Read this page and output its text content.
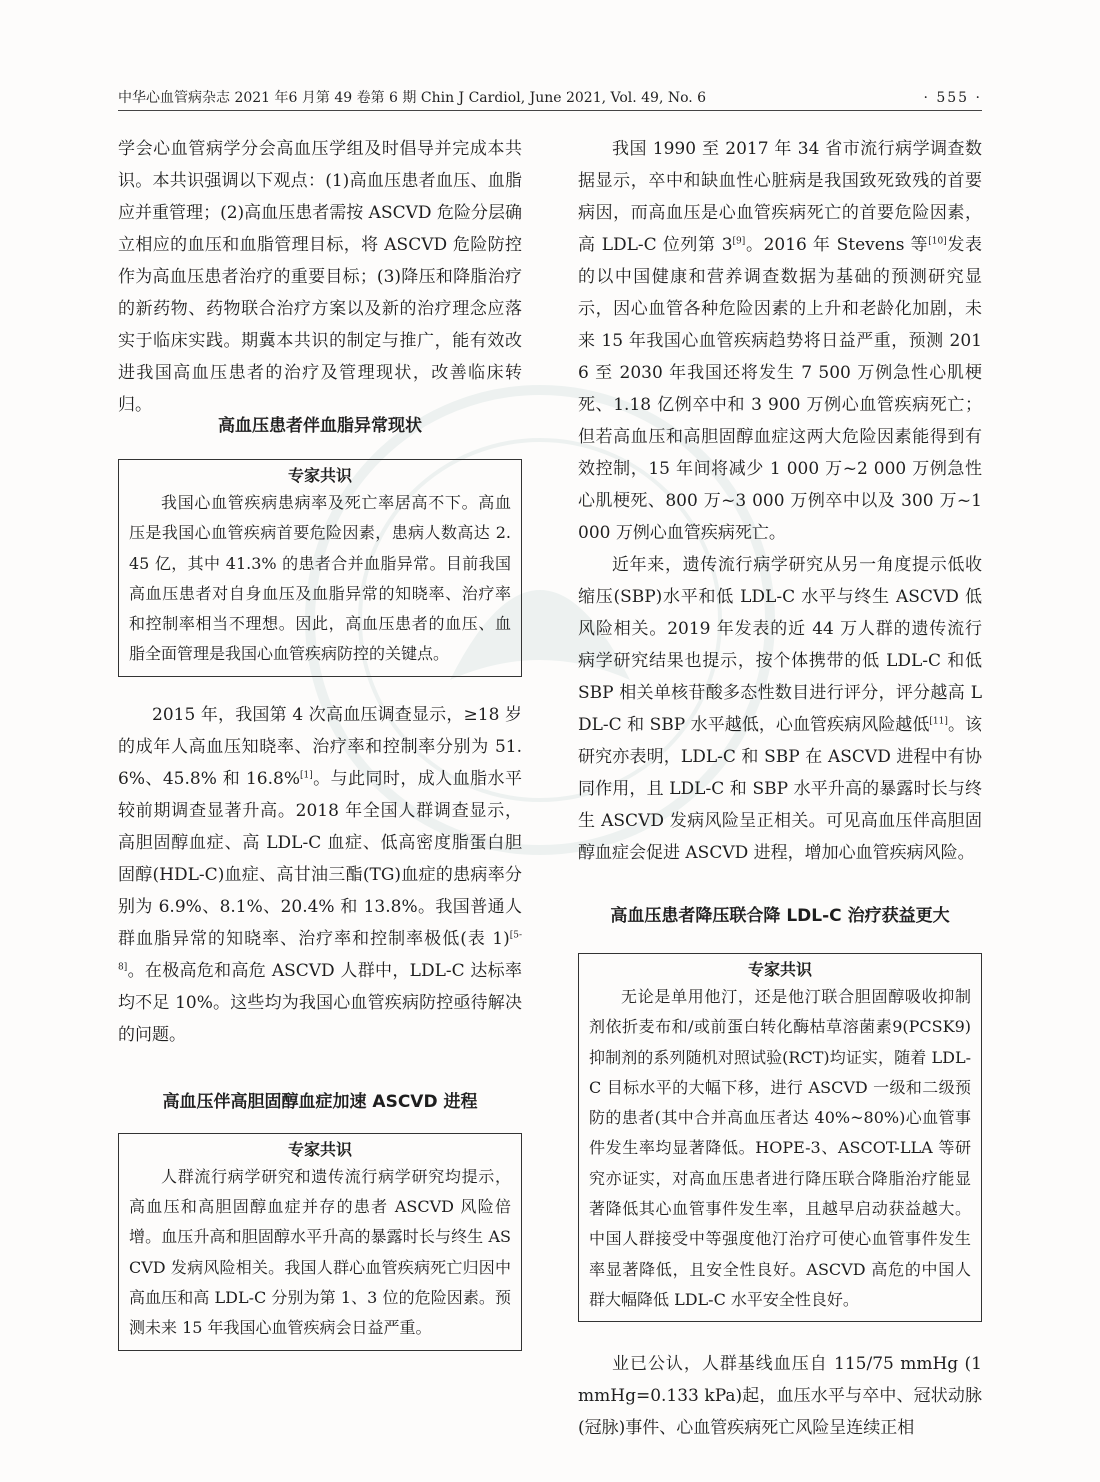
中华心血管病杂志 2021 年6 月第 49 卷第 6 期 Chin J Cardiol, June 2021, Vol. 49, No. 6	· 555 ·

学会心血管病学分会高血压学组及时倡导并完成本共识。本共识强调以下观点：(1)高血压患者血压、血脂应并重管理；(2)高血压患者需按 ASCVD 危险分层确立相应的血压和血脂管理目标，将 ASCVD 危险防控作为高血压患者治疗的重要目标；(3)降压和降脂治疗的新药物、药物联合治疗方案以及新的治疗理念应落实于临床实践。期冀本共识的制定与推广，能有效改进我国高血压患者的治疗及管理现状，改善临床转归。

高血压患者伴血脂异常现状
专家共识
我国心血管疾病患病率及死亡率居高不下。高血压是我国心血管疾病首要危险因素，患病人数高达 2.45 亿，其中 41.3% 的患者合并血脂异常。目前我国高血压患者对自身血压及血脂异常的知晓率、治疗率和控制率相当不理想。因此，高血压患者的血压、血脂全面管理是我国心血管疾病防控的关键点。

2015 年，我国第 4 次高血压调查显示，≥18 岁的成年人高血压知晓率、治疗率和控制率分别为 51.6%、45.8% 和 16.8%[1]。与此同时，成人血脂水平较前期调查显著升高。2018 年全国人群调查显示，高胆固醇血症、高 LDL-C 血症、低高密度脂蛋白胆固醇(HDL-C)血症、高甘油三酯(TG)血症的患病率分别为 6.9%、8.1%、20.4% 和 13.8%。我国普通人群血脂异常的知晓率、治疗率和控制率极低(表 1)[5-8]。在极高危和高危 ASCVD 人群中，LDL-C 达标率均不足 10%。这些均为我国心血管疾病防控亟待解决的问题。

高血压伴高胆固醇血症加速 ASCVD 进程
专家共识
人群流行病学研究和遗传流行病学研究均提示，高血压和高胆固醇血症并存的患者 ASCVD 风险倍增。血压升高和胆固醇水平升高的暴露时长与终生 ASCVD 发病风险相关。我国人群心血管疾病死亡归因中高血压和高 LDL-C 分别为第 1、3 位的危险因素。预测未来 15 年我国心血管疾病会日益严重。

我国 1990 至 2017 年 34 省市流行病学调查数据显示，卒中和缺血性心脏病是我国致死致残的首要病因，而高血压是心血管疾病死亡的首要危险因素，高 LDL-C 位列第 3[9]。2016 年 Stevens 等[10]发表的以中国健康和营养调查数据为基础的预测研究显示，因心血管各种危险因素的上升和老龄化加剧，未来 15 年我国心血管疾病趋势将日益严重，预测 2016 至 2030 年我国还将发生 7 500 万例急性心肌梗死、1.18 亿例卒中和 3 900 万例心血管疾病死亡；但若高血压和高胆固醇血症这两大危险因素能得到有效控制，15 年间将减少 1 000 万~2 000 万例急性心肌梗死、800 万~3 000 万例卒中以及 300 万~1 000 万例心血管疾病死亡。

近年来，遗传流行病学研究从另一角度提示低收缩压(SBP)水平和低 LDL-C 水平与终生 ASCVD 低风险相关。2019 年发表的近 44 万人群的遗传流行病学研究结果也提示，按个体携带的低 LDL-C 和低 SBP 相关单核苷酸多态性数目进行评分，评分越高 LDL-C 和 SBP 水平越低，心血管疾病风险越低[11]。该研究亦表明，LDL-C 和 SBP 在 ASCVD 进程中有协同作用，且 LDL-C 和 SBP 水平升高的暴露时长与终生 ASCVD 发病风险呈正相关。可见高血压伴高胆固醇血症会促进 ASCVD 进程，增加心血管疾病风险。

高血压患者降压联合降 LDL-C 治疗获益更大
专家共识
无论是单用他汀，还是他汀联合胆固醇吸收抑制剂依折麦布和/或前蛋白转化酶枯草溶菌素9(PCSK9)抑制剂的系列随机对照试验(RCT)均证实，随着 LDL-C 目标水平的大幅下移，进行 ASCVD 一级和二级预防的患者(其中合并高血压者达 40%~80%)心血管事件发生率均显著降低。HOPE-3、ASCOT-LLA 等研究亦证实，对高血压患者进行降压联合降脂治疗能显著降低其心血管事件发生率，且越早启动获益越大。中国人群接受中等强度他汀治疗可使心血管事件发生率显著降低，且安全性良好。ASCVD 高危的中国人群大幅降低 LDL-C 水平安全性良好。

业已公认，人群基线血压自 115/75 mmHg (1 mmHg=0.133 kPa)起，血压水平与卒中、冠状动脉(冠脉)事件、心血管疾病死亡风险呈连续正相
